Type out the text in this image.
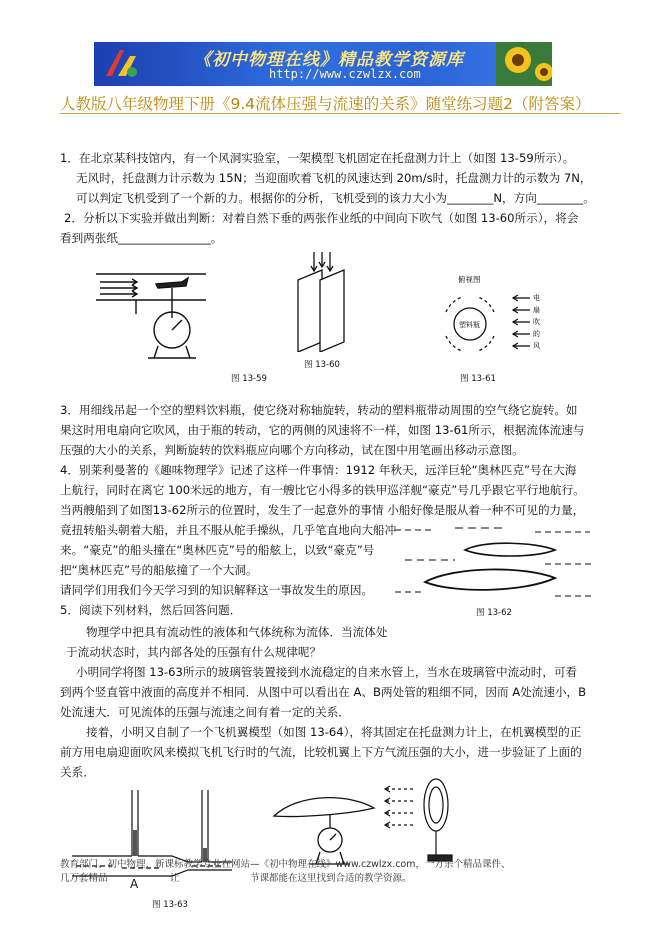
《初中物理在线》精品教学资源库
http://www.czwlzx.com
人教版八年级物理下册《9.4流体压强与流速的关系》随堂练习题2（附答案）
1．在北京某科技馆内，有一个风洞实验室，一架模型飞机固定在托盘测力计上（如图 13-59所示）。
无风时，托盘测力计示数为 15N；当迎面吹着飞机的风速达到 20m/s时，托盘测力计的示数为 7N，
可以判定飞机受到了一个新的力。根据你的分析，飞机受到的该力大小为________N，方向________。
2．分析以下实验并做出判断：对着自然下垂的两张作业纸的中间向下吹气（如图 13-60所示），将会
看到两张纸________________。
图 13-59
图 13-60
俯视图
塑料瓶
电
扇
吹
的
风
图 13-61
3．用细线吊起一个空的塑料饮料瓶，使它绕对称轴旋转，转动的塑料瓶带动周围的空气绕它旋转。如
果这时用电扇向它吹风，由于瓶的转动，它的两侧的风速将不一样，如图 13-61所示，根据流体流速与
压强的大小的关系，判断旋转的饮料瓶应向哪个方向移动，试在图中用笔画出移动示意图。
4．别莱利曼著的《趣味物理学》记述了这样一件事情：1912 年秋天，远洋巨轮“奥林匹克”号在大海
上航行，同时在离它 100米远的地方，有一艘比它小得多的铁甲巡洋舰“豪克”号几乎跟它平行地航行。
当两艘船到了如图13-62所示的位置时，发生了一起意外的事情 小船好像是服从着一种不可见的力量，
竟扭转船头朝着大船，并且不服从舵手操纵，几乎笔直地向大船冲
来。“豪克”的船头撞在“奥林匹克”号的船舷上，以致“豪克”号
把“奥林匹克”号的船舷撞了一个大洞。
请同学们用我们今天学习到的知识解释这一事故发生的原因。
图 13-62
5．阅读下列材料，然后回答问题．
物理学中把具有流动性的液体和气体统称为流体．当流体处
于流动状态时，其内部各处的压强有什么规律呢？
小明同学将图 13-63所示的玻璃管装置接到水流稳定的自来水管上，当水在玻璃管中流动时，可看
到两个竖直管中液面的高度并不相同．从图中可以看出在 A、B两处管的粗细不同，因而 A处流速小，B
处流速大．可见流体的压强与流速之间有着一定的关系．
接着，小明又自制了一个飞机翼模型（如图 13-64），将其固定在托盘测力计上，在机翼模型的正
前方用电扇迎面吹风来模拟飞机飞行时的气流，比较机翼上下方气流压强的大小，进一步验证了上面的
关系．
A
图 13-63
教育部门、初中物理、新课标教学专业在网站—《初中物理在线》www.czwlzx.com，一万余个精品课件、
几万套精品	让	节课都能在这里找到合适的教学资源。
